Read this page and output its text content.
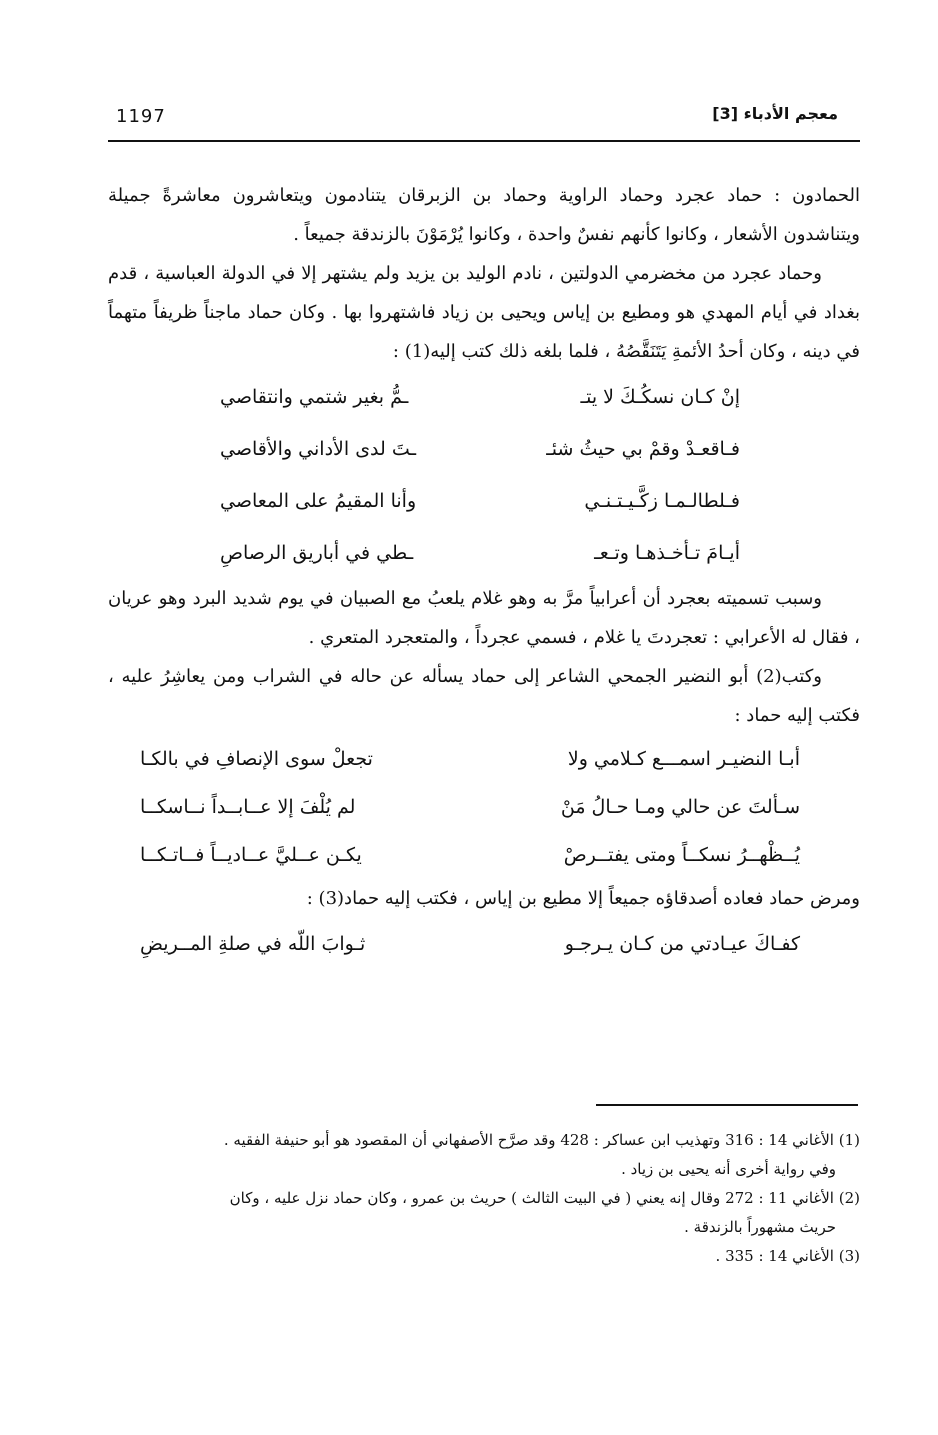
1197	معجم الأدباء [3]

الحمادون : حماد عجرد وحماد الراوية وحماد بن الزبرقان يتنادمون ويتعاشرون معاشرةً جميلة ويتناشدون الأشعار ، وكانوا كأنهم نفسٌ واحدة ، وكانوا يُرْمَوْنَ بالزندقة جميعاً .

وحماد عجرد من مخضرمي الدولتين ، نادم الوليد بن يزيد ولم يشتهر إلا في الدولة العباسية ، قدم بغداد في أيام المهدي هو ومطيع بن إياس ويحيى بن زياد فاشتهروا بها . وكان حماد ماجناً ظريفاً متهماً في دينه ، وكان أحدُ الأئمةِ يَتَنَقَّصُهُ ، فلما بلغه ذلك كتب إليه(1) :

إنْ كـان نسكُـكَ لا يتـ
ـمُّ بغير شتمي وانتقاصي
فـاقعـدْ وقمْ بي حيثُ شئـ
ـتَ لدى الأداني والأقاصي
فـلطالـمـا زكَّـيـتـنـي
وأنا المقيمُ على المعاصي
أيـامَ تـأخـذهـا وتـعـ
ـطي في أباريق الرصاصِ

وسبب تسميته بعجرد أن أعرابياً مرَّ به وهو غلام يلعبُ مع الصبيان في يوم شديد البرد وهو عريان ، فقال له الأعرابي : تعجردتَ يا غلام ، فسمي عجرداً ، والمتعجرد المتعري .

وكتب(2) أبو النضير الجمحي الشاعر إلى حماد يسأله عن حاله في الشراب ومن يعاشِرُ عليه ، فكتب إليه حماد :

أبـا النضيـر اسمـــع كـلامي ولا
تجعلْ سوى الإنصافِ في بالكـا
سـألتَ عن حالي ومـا حـالُ مَنْ
لم يُلْفَ إلا عــابــداً نــاسكــا
يُــظْهــرُ نسكــاً ومتى يفتــرصْ
يكـن عــليَّ عــاديــاً فــاتـكــا

ومرض حماد فعاده أصدقاؤه جميعاً إلا مطيع بن إياس ، فكتب إليه حماد(3) :

كفـاكَ عيـادتي من كـان يـرجـو
ثـوابَ اللّه في صلةِ المــريضِ

(1) الأغاني 14 : 316 وتهذيب ابن عساكر : 428 وقد صرَّح الأصفهاني أن المقصود هو أبو حنيفة الفقيه .

وفي رواية أخرى أنه يحيى بن زياد .

(2) الأغاني 11 : 272 وقال إنه يعني ( في البيت الثالث ) حريث بن عمرو ، وكان حماد نزل عليه ، وكان

حريث مشهوراً بالزندقة .

(3) الأغاني 14 : 335 .
